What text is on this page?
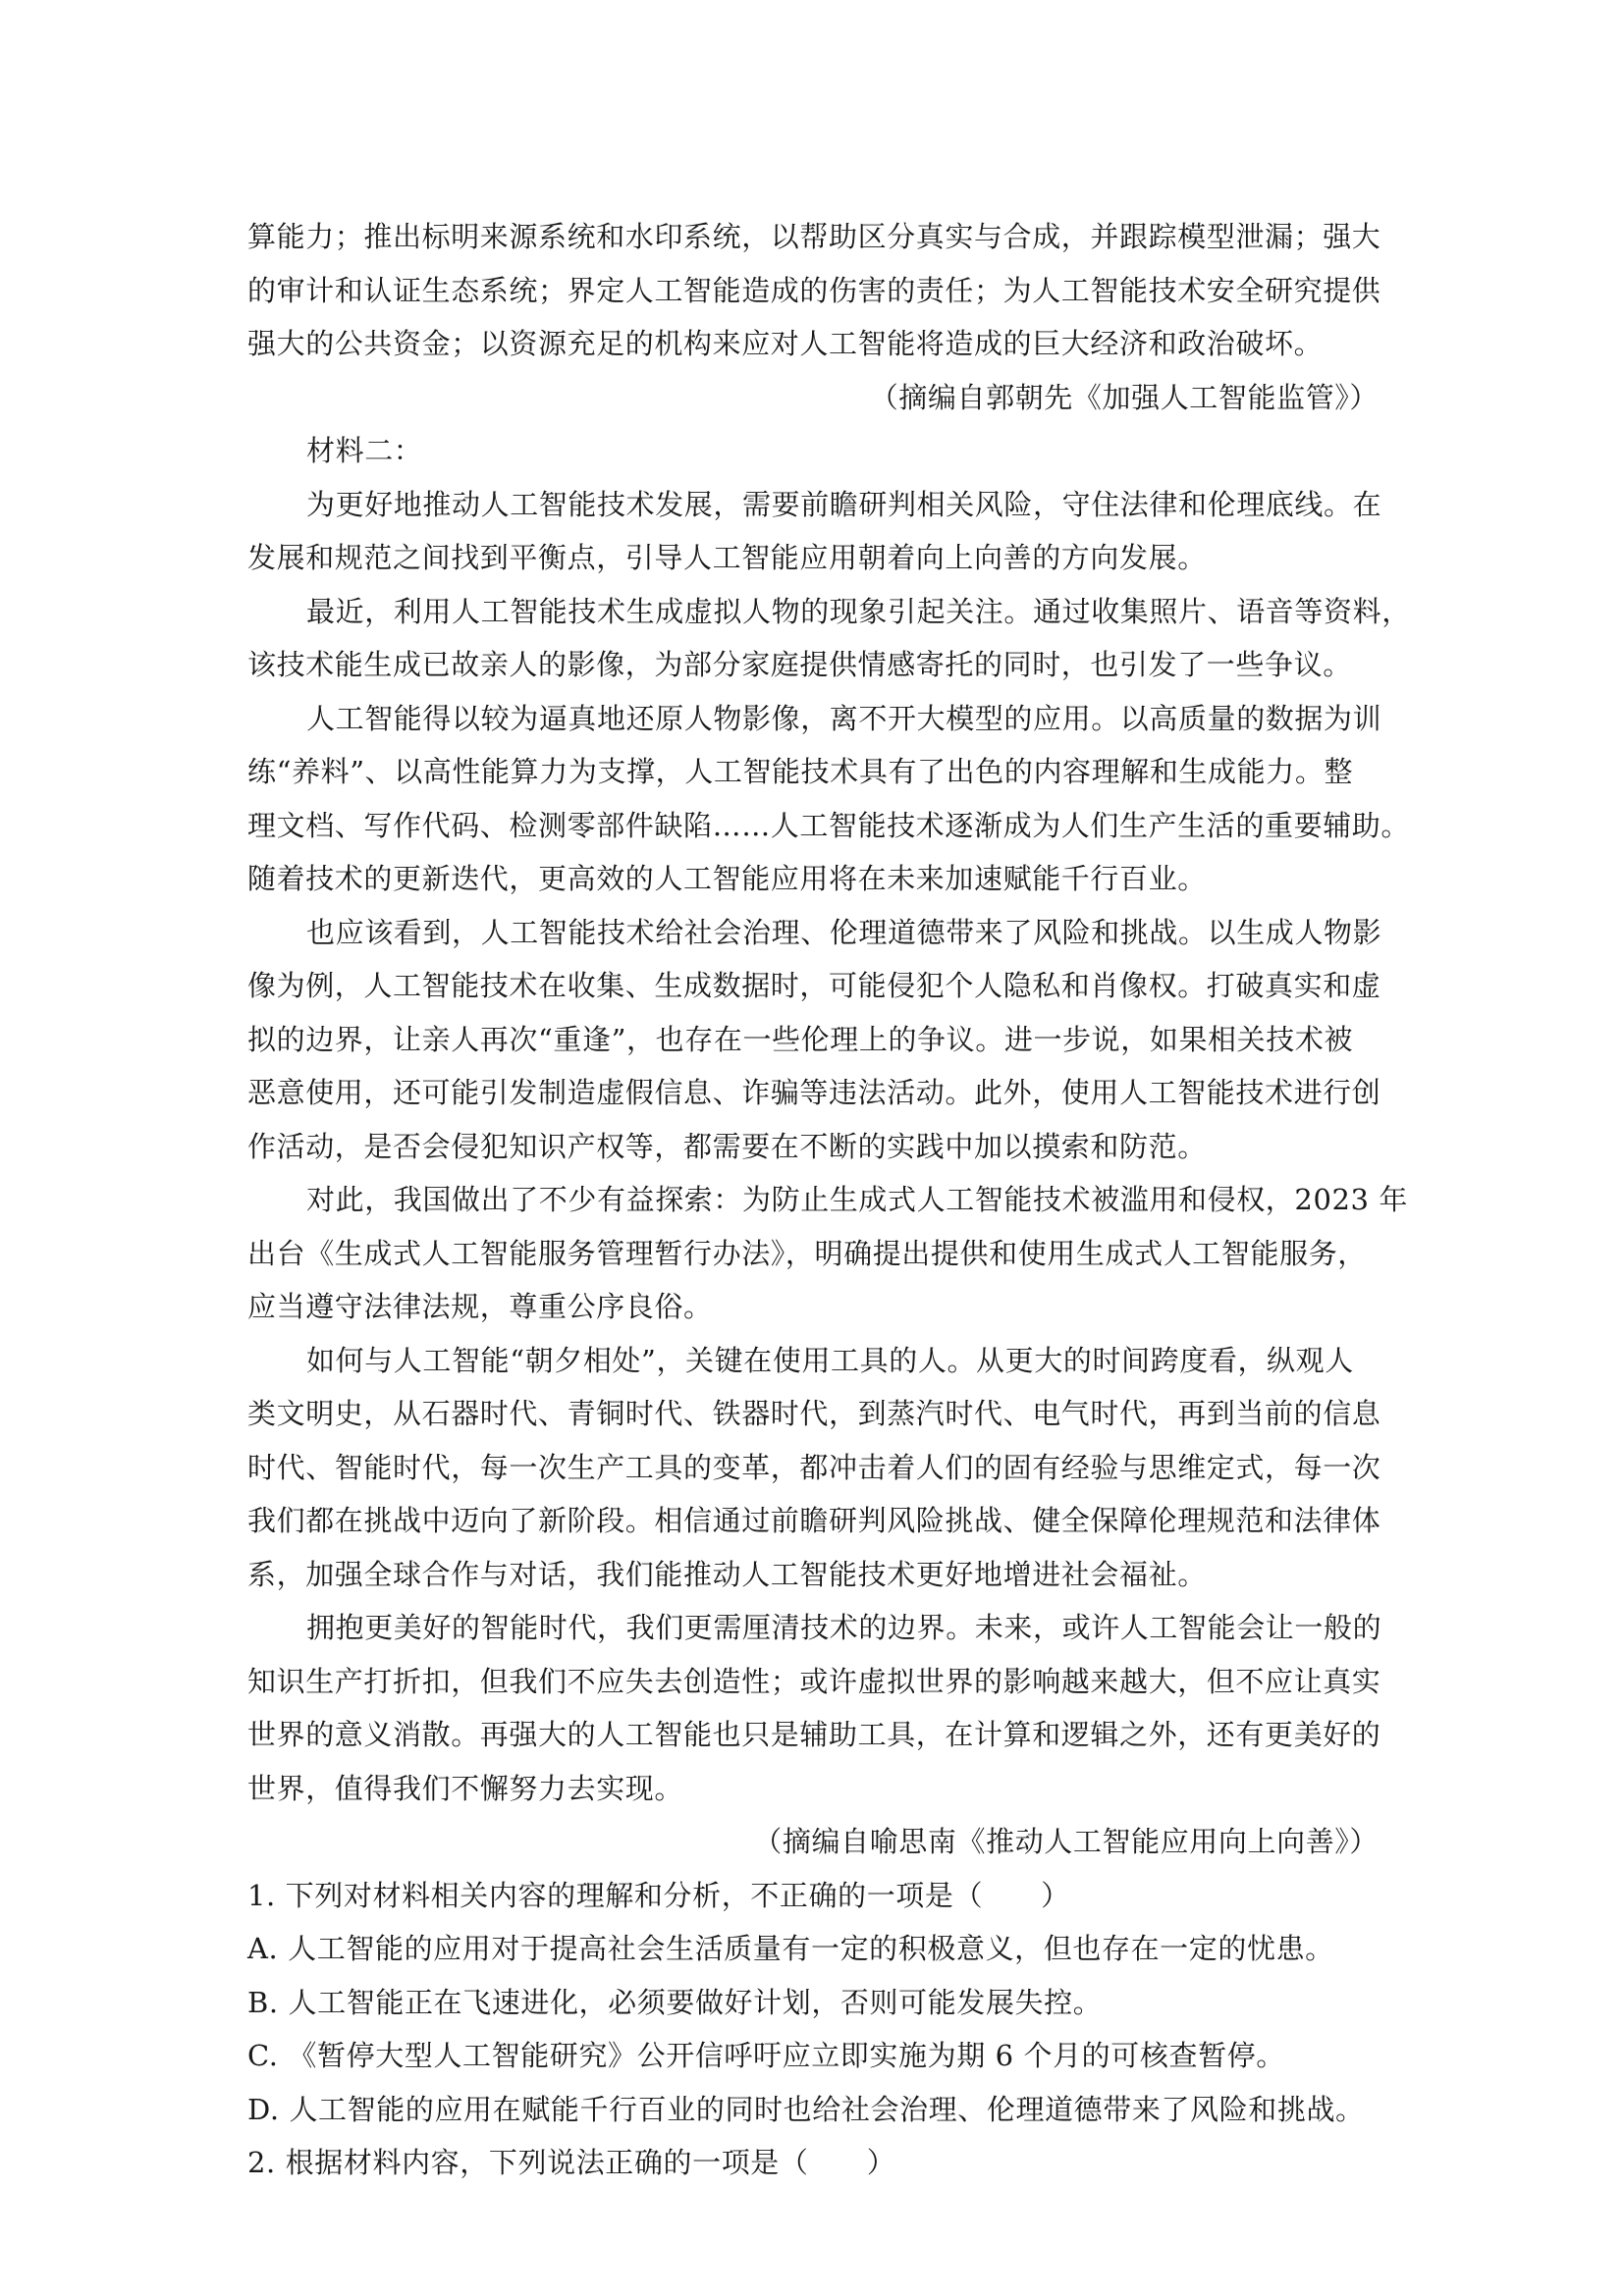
算能力；推出标明来源系统和水印系统，以帮助区分真实与合成，并跟踪模型泄漏；强大
的审计和认证生态系统；界定人工智能造成的伤害的责任；为人工智能技术安全研究提供
强大的公共资金；以资源充足的机构来应对人工智能将造成的巨大经济和政治破坏。
（摘编自郭朝先《加强人工智能监管》）
材料二：
为更好地推动人工智能技术发展，需要前瞻研判相关风险，守住法律和伦理底线。在
发展和规范之间找到平衡点，引导人工智能应用朝着向上向善的方向发展。
最近，利用人工智能技术生成虚拟人物的现象引起关注。通过收集照片、语音等资料，
该技术能生成已故亲人的影像，为部分家庭提供情感寄托的同时，也引发了一些争议。
人工智能得以较为逼真地还原人物影像，离不开大模型的应用。以高质量的数据为训
练“养料”、以高性能算力为支撑，人工智能技术具有了出色的内容理解和生成能力。整
理文档、写作代码、检测零部件缺陷……人工智能技术逐渐成为人们生产生活的重要辅助。
随着技术的更新迭代，更高效的人工智能应用将在未来加速赋能千行百业。
也应该看到，人工智能技术给社会治理、伦理道德带来了风险和挑战。以生成人物影
像为例，人工智能技术在收集、生成数据时，可能侵犯个人隐私和肖像权。打破真实和虚
拟的边界，让亲人再次“重逢”，也存在一些伦理上的争议。进一步说，如果相关技术被
恶意使用，还可能引发制造虚假信息、诈骗等违法活动。此外，使用人工智能技术进行创
作活动，是否会侵犯知识产权等，都需要在不断的实践中加以摸索和防范。
对此，我国做出了不少有益探索：为防止生成式人工智能技术被滥用和侵权，2023 年
出台《生成式人工智能服务管理暂行办法》，明确提出提供和使用生成式人工智能服务，
应当遵守法律法规，尊重公序良俗。
如何与人工智能“朝夕相处”，关键在使用工具的人。从更大的时间跨度看，纵观人
类文明史，从石器时代、青铜时代、铁器时代，到蒸汽时代、电气时代，再到当前的信息
时代、智能时代，每一次生产工具的变革，都冲击着人们的固有经验与思维定式，每一次
我们都在挑战中迈向了新阶段。相信通过前瞻研判风险挑战、健全保障伦理规范和法律体
系，加强全球合作与对话，我们能推动人工智能技术更好地增进社会福祉。
拥抱更美好的智能时代，我们更需厘清技术的边界。未来，或许人工智能会让一般的
知识生产打折扣，但我们不应失去创造性；或许虚拟世界的影响越来越大，但不应让真实
世界的意义消散。再强大的人工智能也只是辅助工具，在计算和逻辑之外，还有更美好的
世界，值得我们不懈努力去实现。
（摘编自喻思南《推动人工智能应用向上向善》）
1. 下列对材料相关内容的理解和分析，不正确的一项是（　　）
A. 人工智能的应用对于提高社会生活质量有一定的积极意义，但也存在一定的忧患。
B. 人工智能正在飞速进化，必须要做好计划，否则可能发展失控。
C. 《暂停大型人工智能研究》公开信呼吁应立即实施为期 6 个月的可核查暂停。
D. 人工智能的应用在赋能千行百业的同时也给社会治理、伦理道德带来了风险和挑战。
2. 根据材料内容，下列说法正确的一项是（　　）
